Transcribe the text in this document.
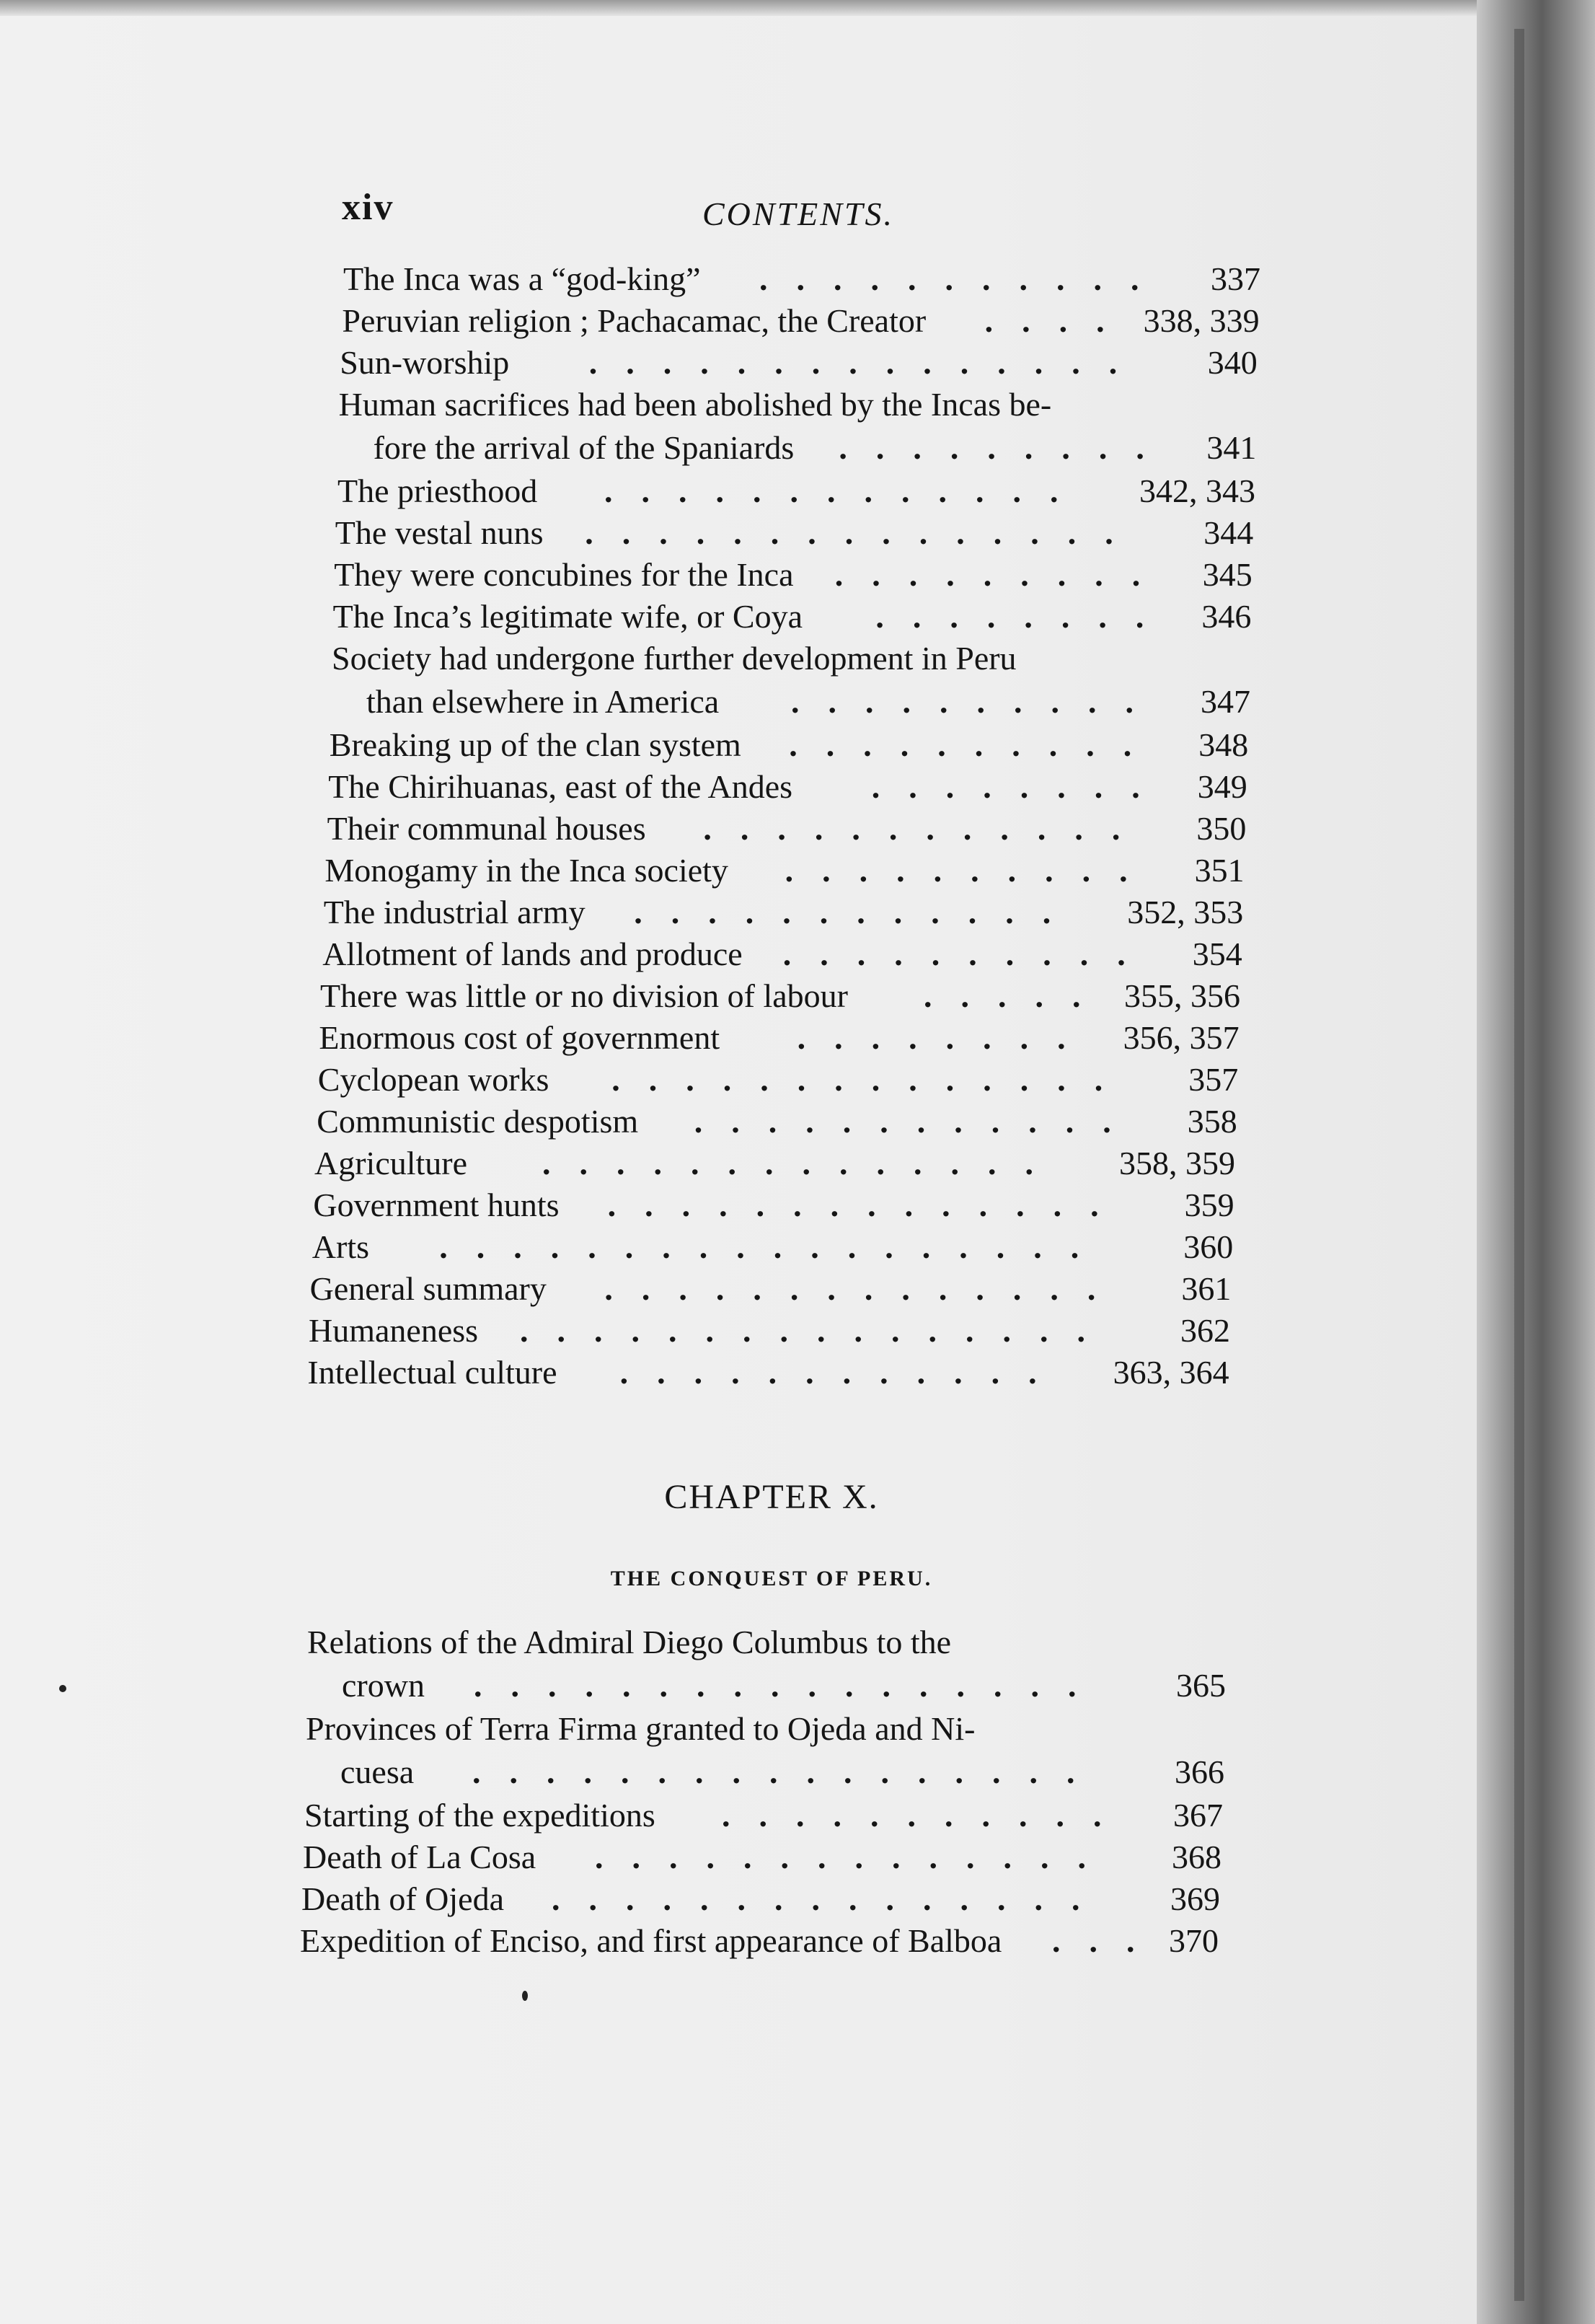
xiv	CONTENTS.
The Inca was a “god-king”	337
...........
Peruvian religion ; Pachacamac, the Creator	338, 339
....
Sun-worship	340
...............
Human sacrifices had been abolished by the Incas be-
fore the arrival of the Spaniards	341
.........
The priesthood	342, 343
.............
The vestal nuns	344
...............
They were concubines for the Inca	345
.........
The Inca’s legitimate wife, or Coya	346
........
Society had undergone further development in Peru
than elsewhere in America	347
..........
Breaking up of the clan system	348
..........
The Chirihuanas, east of the Andes	349
........
Their communal houses	350
............
Monogamy in the Inca society	351
..........
The industrial army	352, 353
............
Allotment of lands and produce	354
..........
There was little or no division of labour	355, 356
.....
Enormous cost of government	356, 357
........
Cyclopean works	357
..............
Communistic despotism	358
............
Agriculture	358, 359
..............
Government hunts	359
..............
Arts	360
..................
General summary	361
..............
Humaneness	362
................
Intellectual culture	363, 364
............
Relations of the Admiral Diego Columbus to the
crown	365
.................
Provinces of Terra Firma granted to Ojeda and Ni-
cuesa	366
.................
Starting of the expeditions	367
...........
Death of La Cosa	368
..............
Death of Ojeda	369
...............
Expedition of Enciso, and first appearance of Balboa	370
...
CHAPTER X.
THE CONQUEST OF PERU.
